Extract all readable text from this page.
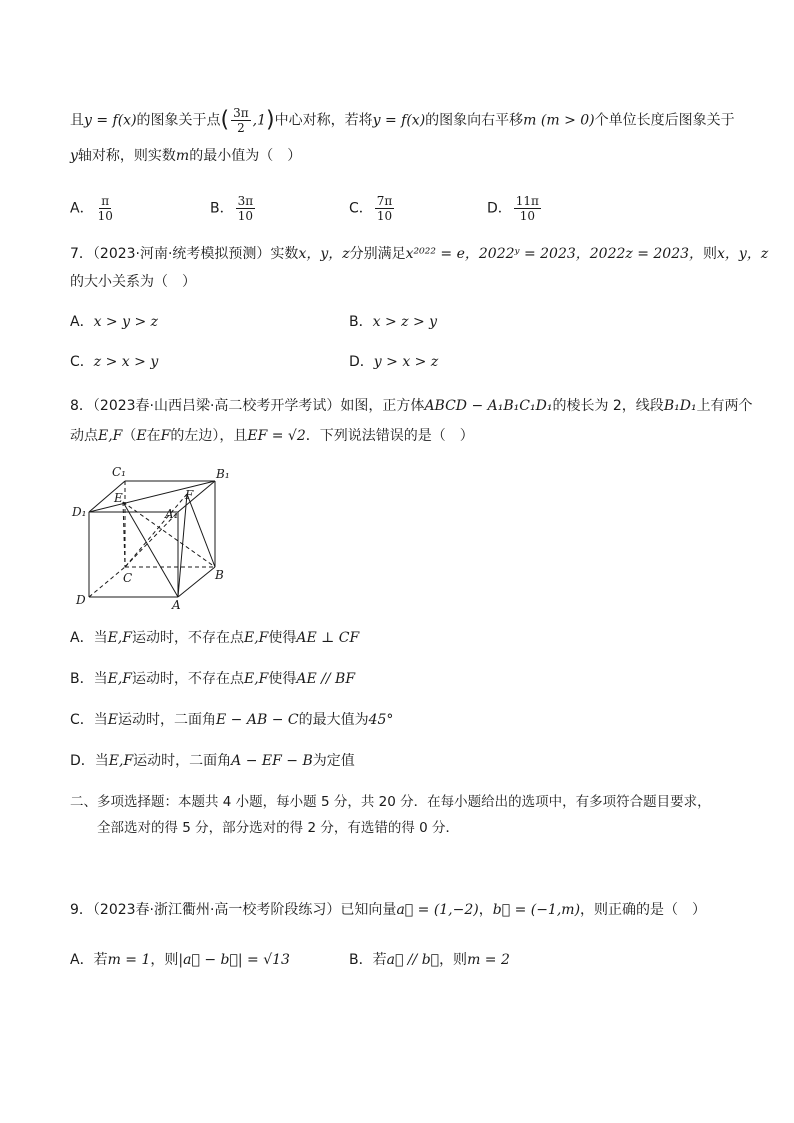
且y = f(x)的图象关于点( $\frac{3\pi}{2} ,1$)中心对称，若将y = f(x)的图象向右平移m (m > 0)个单位长度后图象关于
y轴对称，则实数m的最小值为（　）
A． $\frac{\pi}{10}$	B． $\frac{3\pi}{10}$	C． $\frac{7\pi}{10}$	D． $\frac{11\pi}{10}$
7．（2023·河南·统考模拟预测）实数x，y，z分别满足x²⁰²² = e，2022ʸ = 2023，2022z = 2023，则x，y，z
的大小关系为（　）
A．x > y > z	B．x > z > y
C．z > x > y	D．y > x > z
8．（2023春·山西吕梁·高二校考开学考试）如图，正方体ABCD − A₁B₁C₁D₁的棱长为 2，线段B₁D₁上有两个
动点E,F（E在F的左边），且EF = √2．下列说法错误的是（　）
C₁	B₁
D₁	A₁
E	F
C	B
D	A
A．当E,F运动时，不存在点E,F使得AE ⊥ CF
B．当E,F运动时，不存在点E,F使得AE // BF
C．当E运动时，二面角E − AB − C的最大值为45°
D．当E,F运动时，二面角A − EF − B为定值
二、多项选择题：本题共 4 小题，每小题 5 分，共 20 分．在每小题给出的选项中，有多项符合题目要求，
全部选对的得 5 分，部分选对的得 2 分，有选错的得 0 分．
9．（2023春·浙江衢州·高一校考阶段练习）已知向量a⃗ = (1,−2)，b⃗ = (−1,m)，则正确的是（　）
A．若m = 1，则|a⃗ − b⃗| = √13	B．若a⃗ // b⃗，则m = 2
